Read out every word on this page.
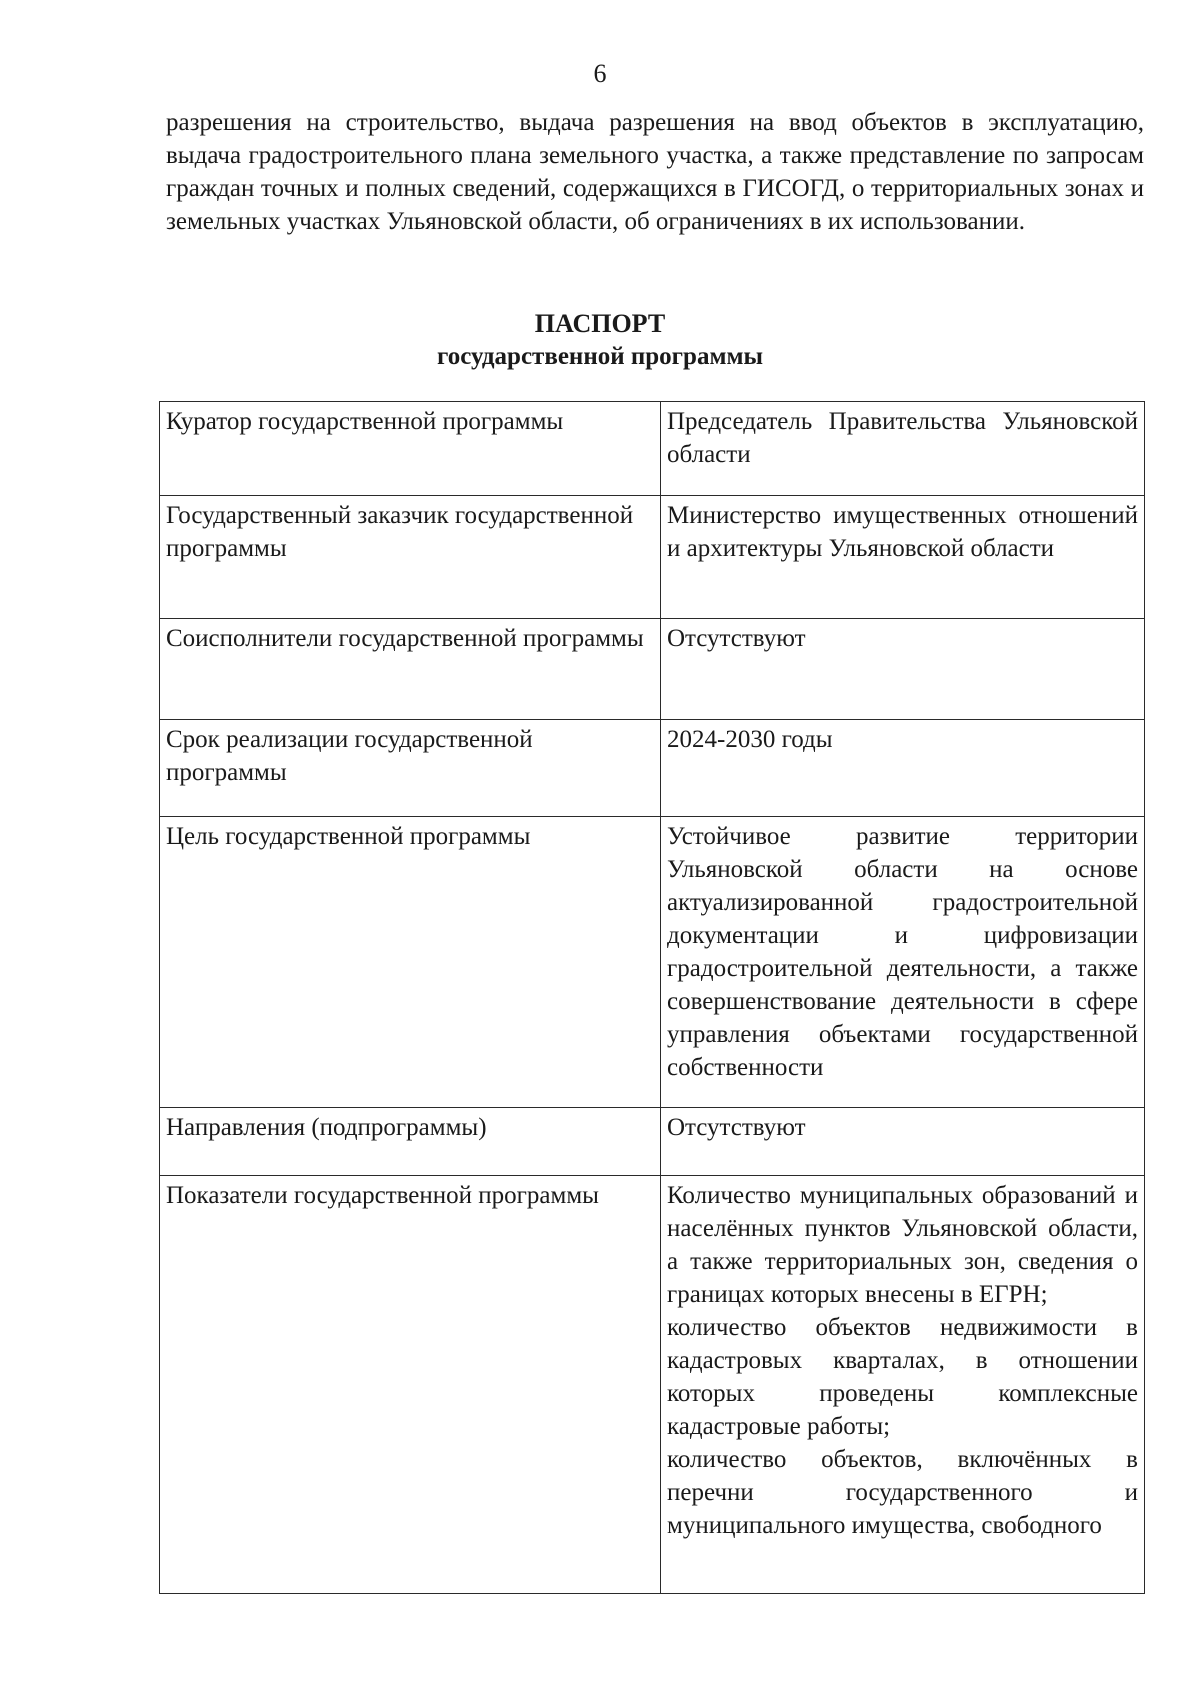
6

разрешения на строительство, выдача разрешения на ввод объектов в эксплуатацию, выдача градостроительного плана земельного участка, а также представление по запросам граждан точных и полных сведений, содержащихся в ГИСОГД, о территориальных зонах и земельных участках Ульяновской области, об ограничениях в их использовании.

ПАСПОРТ
государственной программы
Куратор государственной программы	Председатель Правительства Ульяновской области

Государственный заказчик государственной программы	Министерство имущественных отношений и архитектуры Ульяновской области

Соисполнители государственной программы	Отсутствуют

Срок реализации государственной программы	2024-2030 годы

Цель государственной программы	Устойчивое развитие территории Ульяновской области на основе актуализированной градостроительной документации и цифровизации градостроительной деятельности, а также совершенствование деятельности в сфере управления объектами государственной собственности

Направления (подпрограммы)	Отсутствуют

Показатели государственной программы	Количество муниципальных образований и населённых пунктов Ульяновской области, а также территориальных зон, сведения о границах которых внесены в ЕГРН;

количество объектов недвижимости в кадастровых кварталах, в отношении которых проведены комплексные кадастровые работы;

количество объектов, включённых в перечни государственного и муниципального имущества, свободного
